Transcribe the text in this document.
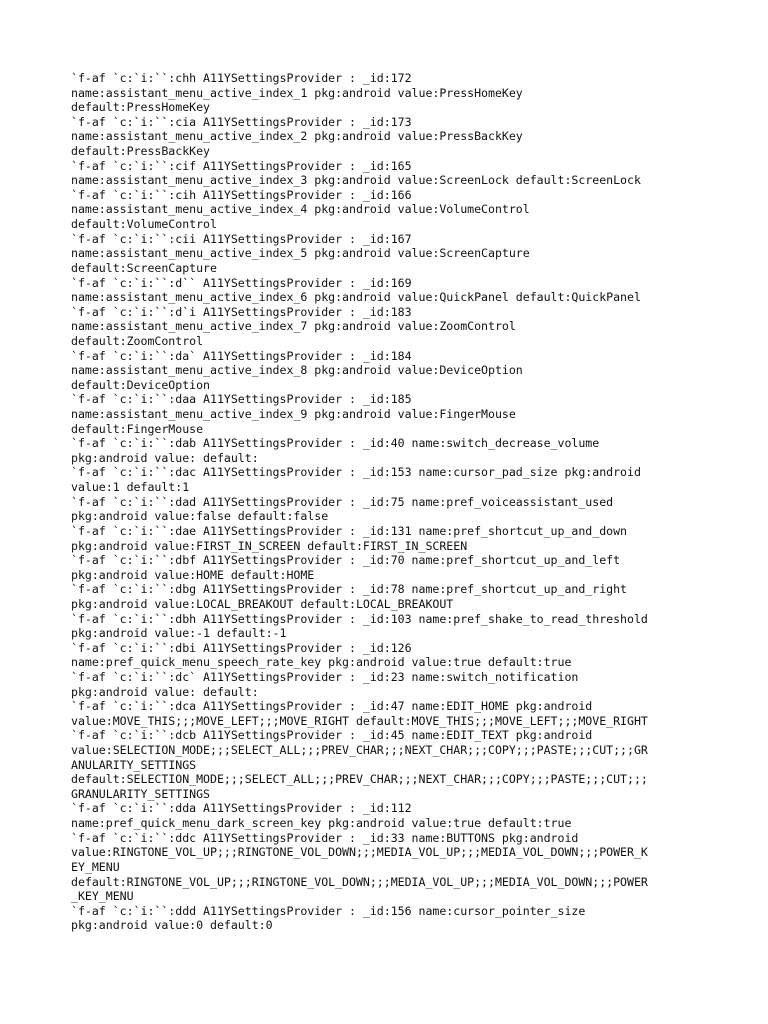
`f-af `c:`i:``:chh A11YSettingsProvider : _id:172
name:assistant_menu_active_index_1 pkg:android value:PressHomeKey
default:PressHomeKey
`f-af `c:`i:``:cia A11YSettingsProvider : _id:173
name:assistant_menu_active_index_2 pkg:android value:PressBackKey
default:PressBackKey
`f-af `c:`i:``:cif A11YSettingsProvider : _id:165
name:assistant_menu_active_index_3 pkg:android value:ScreenLock default:ScreenLock
`f-af `c:`i:``:cih A11YSettingsProvider : _id:166
name:assistant_menu_active_index_4 pkg:android value:VolumeControl
default:VolumeControl
`f-af `c:`i:``:cii A11YSettingsProvider : _id:167
name:assistant_menu_active_index_5 pkg:android value:ScreenCapture
default:ScreenCapture
`f-af `c:`i:``:d`` A11YSettingsProvider : _id:169
name:assistant_menu_active_index_6 pkg:android value:QuickPanel default:QuickPanel
`f-af `c:`i:``:d`i A11YSettingsProvider : _id:183
name:assistant_menu_active_index_7 pkg:android value:ZoomControl
default:ZoomControl
`f-af `c:`i:``:da` A11YSettingsProvider : _id:184
name:assistant_menu_active_index_8 pkg:android value:DeviceOption
default:DeviceOption
`f-af `c:`i:``:daa A11YSettingsProvider : _id:185
name:assistant_menu_active_index_9 pkg:android value:FingerMouse
default:FingerMouse
`f-af `c:`i:``:dab A11YSettingsProvider : _id:40 name:switch_decrease_volume
pkg:android value: default:
`f-af `c:`i:``:dac A11YSettingsProvider : _id:153 name:cursor_pad_size pkg:android
value:1 default:1
`f-af `c:`i:``:dad A11YSettingsProvider : _id:75 name:pref_voiceassistant_used
pkg:android value:false default:false
`f-af `c:`i:``:dae A11YSettingsProvider : _id:131 name:pref_shortcut_up_and_down
pkg:android value:FIRST_IN_SCREEN default:FIRST_IN_SCREEN
`f-af `c:`i:``:dbf A11YSettingsProvider : _id:70 name:pref_shortcut_up_and_left
pkg:android value:HOME default:HOME
`f-af `c:`i:``:dbg A11YSettingsProvider : _id:78 name:pref_shortcut_up_and_right
pkg:android value:LOCAL_BREAKOUT default:LOCAL_BREAKOUT
`f-af `c:`i:``:dbh A11YSettingsProvider : _id:103 name:pref_shake_to_read_threshold
pkg:android value:-1 default:-1
`f-af `c:`i:``:dbi A11YSettingsProvider : _id:126
name:pref_quick_menu_speech_rate_key pkg:android value:true default:true
`f-af `c:`i:``:dc` A11YSettingsProvider : _id:23 name:switch_notification
pkg:android value: default:
`f-af `c:`i:``:dca A11YSettingsProvider : _id:47 name:EDIT_HOME pkg:android
value:MOVE_THIS;;;MOVE_LEFT;;;MOVE_RIGHT default:MOVE_THIS;;;MOVE_LEFT;;;MOVE_RIGHT
`f-af `c:`i:``:dcb A11YSettingsProvider : _id:45 name:EDIT_TEXT pkg:android
value:SELECTION_MODE;;;SELECT_ALL;;;PREV_CHAR;;;NEXT_CHAR;;;COPY;;;PASTE;;;CUT;;;GR
ANULARITY_SETTINGS
default:SELECTION_MODE;;;SELECT_ALL;;;PREV_CHAR;;;NEXT_CHAR;;;COPY;;;PASTE;;;CUT;;;
GRANULARITY_SETTINGS
`f-af `c:`i:``:dda A11YSettingsProvider : _id:112
name:pref_quick_menu_dark_screen_key pkg:android value:true default:true
`f-af `c:`i:``:ddc A11YSettingsProvider : _id:33 name:BUTTONS pkg:android
value:RINGTONE_VOL_UP;;;RINGTONE_VOL_DOWN;;;MEDIA_VOL_UP;;;MEDIA_VOL_DOWN;;;POWER_K
EY_MENU
default:RINGTONE_VOL_UP;;;RINGTONE_VOL_DOWN;;;MEDIA_VOL_UP;;;MEDIA_VOL_DOWN;;;POWER
_KEY_MENU
`f-af `c:`i:``:ddd A11YSettingsProvider : _id:156 name:cursor_pointer_size
pkg:android value:0 default:0
